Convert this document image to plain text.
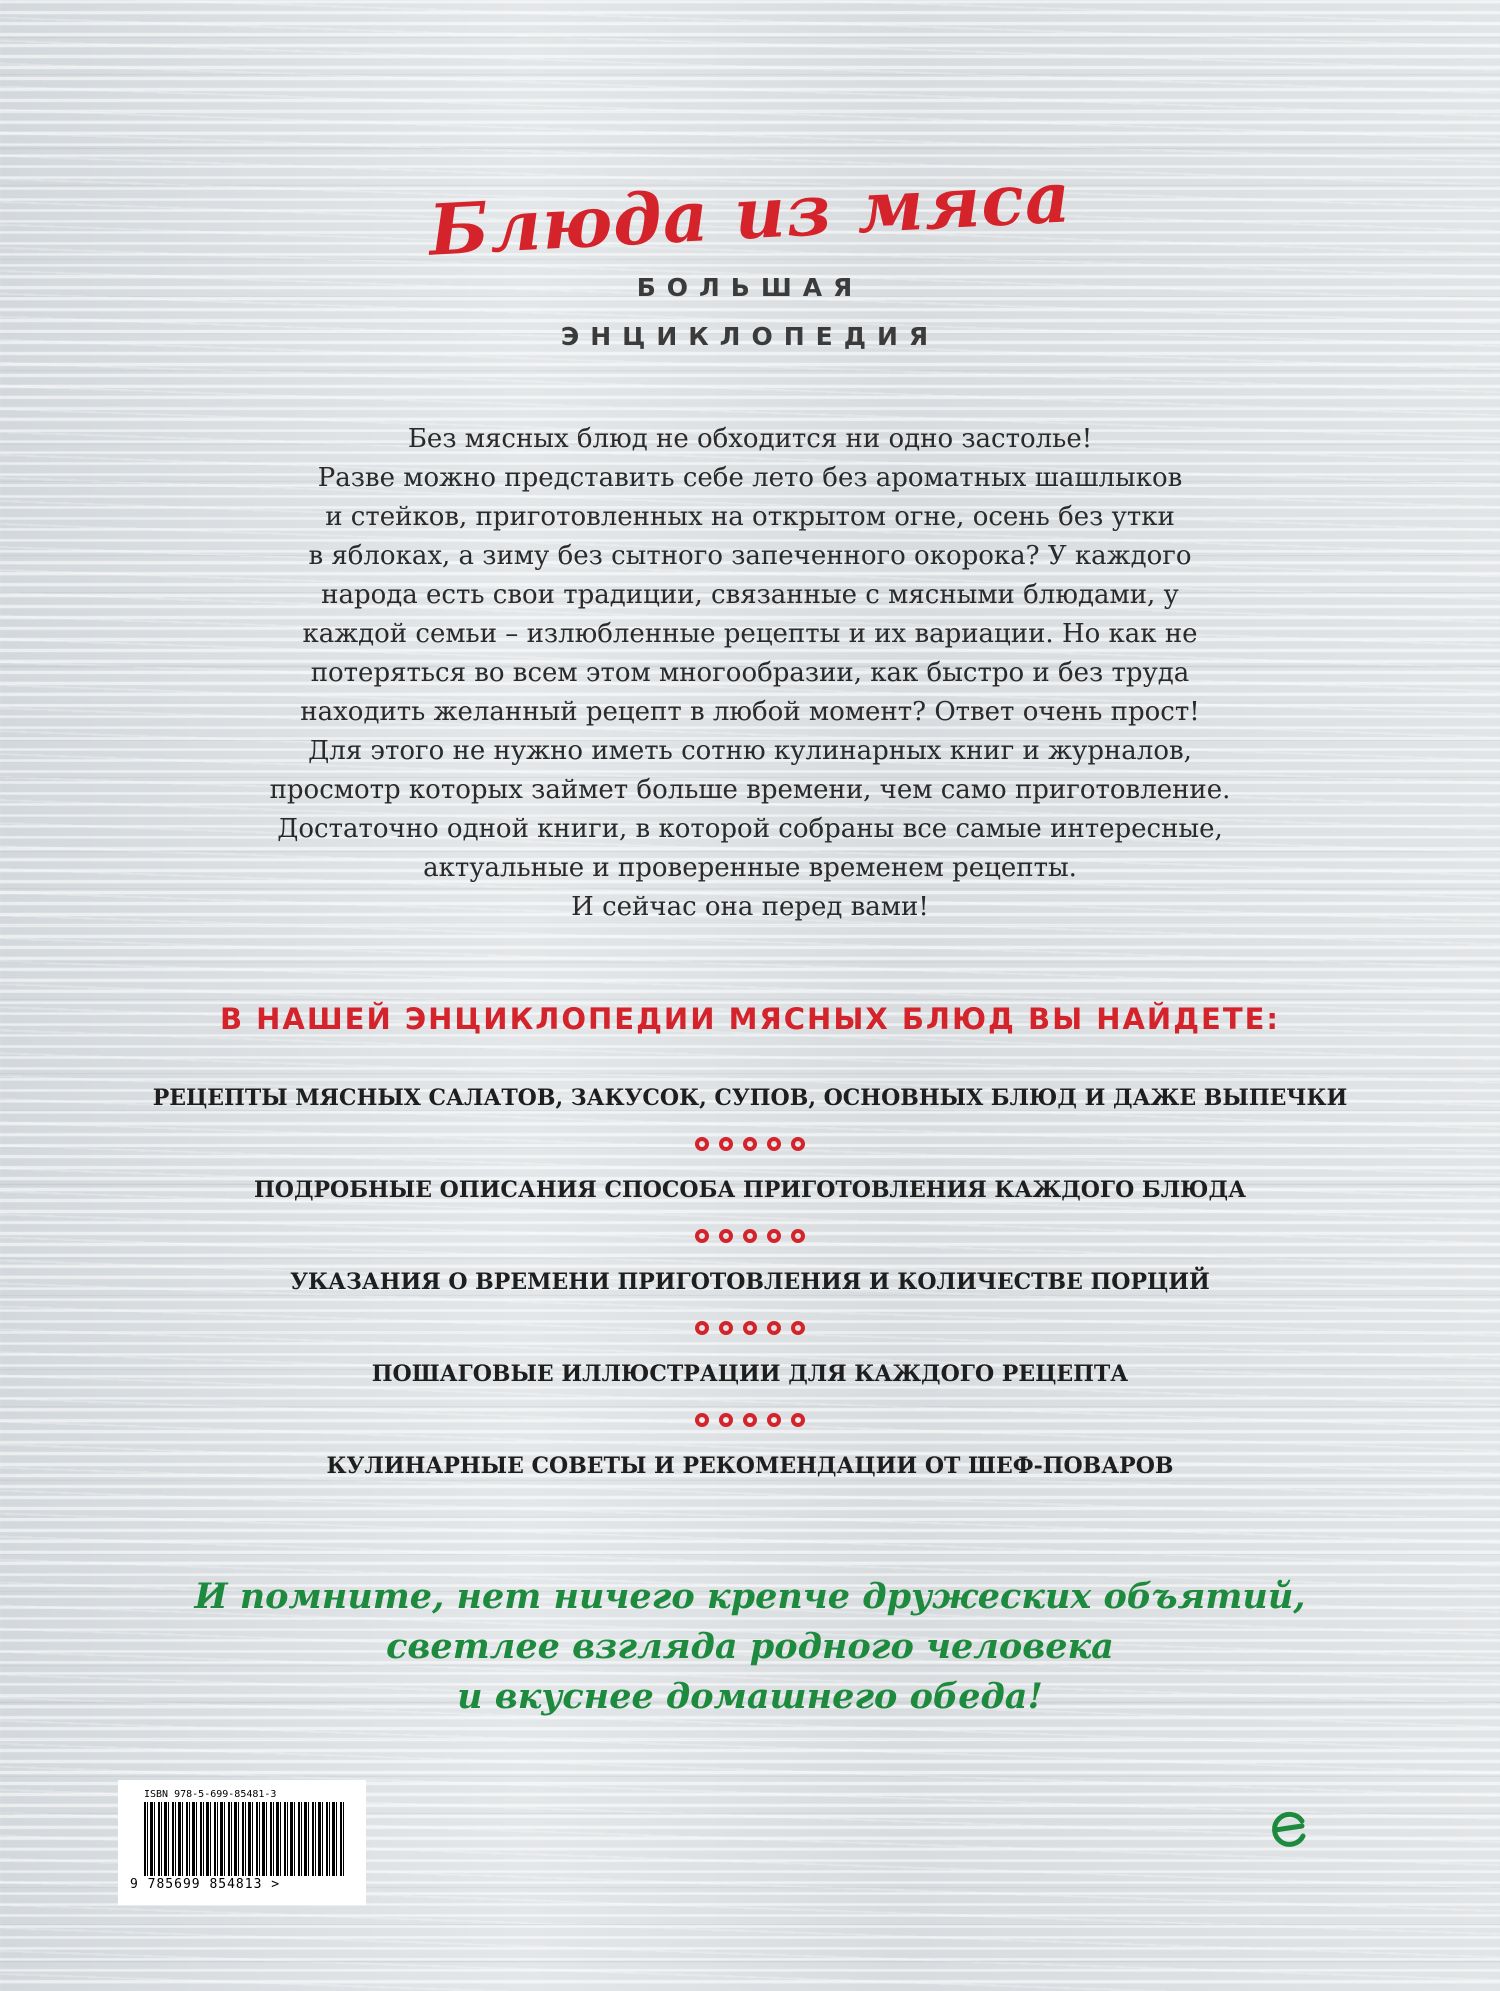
Блюда из мяса
БОЛЬШАЯ
ЭНЦИКЛОПЕДИЯ
Без мясных блюд не обходится ни одно застолье!
Разве можно представить себе лето без ароматных шашлыков
и стейков, приготовленных на открытом огне, осень без утки
в яблоках, а зиму без сытного запеченного окорока? У каждого
народа есть свои традиции, связанные с мясными блюдами, у
каждой семьи – излюбленные рецепты и их вариации. Но как не
потеряться во всем этом многообразии, как быстро и без труда
находить желанный рецепт в любой момент? Ответ очень прост!
Для этого не нужно иметь сотню кулинарных книг и журналов,
просмотр которых займет больше времени, чем само приготовление.
Достаточно одной книги, в которой собраны все самые интересные,
актуальные и проверенные временем рецепты.
И сейчас она перед вами!
В НАШЕЙ ЭНЦИКЛОПЕДИИ МЯСНЫХ БЛЮД ВЫ НАЙДЕТЕ:
РЕЦЕПТЫ МЯСНЫХ САЛАТОВ, ЗАКУСОК, СУПОВ, ОСНОВНЫХ БЛЮД И ДАЖЕ ВЫПЕЧКИ
ПОДРОБНЫЕ ОПИСАНИЯ СПОСОБА ПРИГОТОВЛЕНИЯ КАЖДОГО БЛЮДА
УКАЗАНИЯ О ВРЕМЕНИ ПРИГОТОВЛЕНИЯ И КОЛИЧЕСТВЕ ПОРЦИЙ
ПОШАГОВЫЕ ИЛЛЮСТРАЦИИ ДЛЯ КАЖДОГО РЕЦЕПТА
КУЛИНАРНЫЕ СОВЕТЫ И РЕКОМЕНДАЦИИ ОТ ШЕФ-ПОВАРОВ
И помните, нет ничего крепче дружеских объятий,
светлее взгляда родного человека
и вкуснее домашнего обеда!
ISBN 978-5-699-85481-3
9 785699 854813 >
